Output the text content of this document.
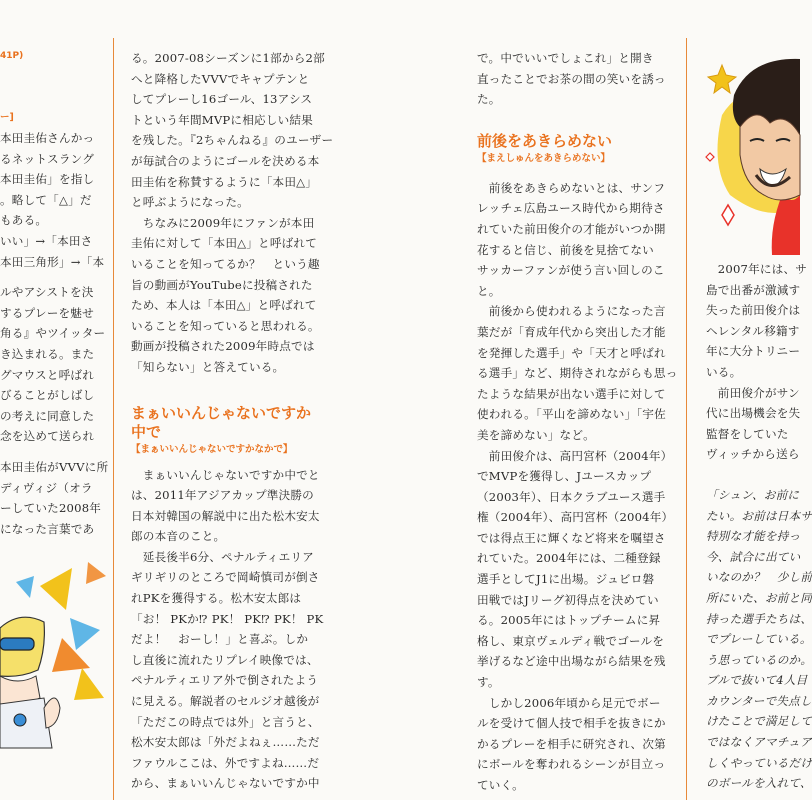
41P)
ー]
本田圭佑さんかっ
るネットスラング
本田圭佑」を指し
。略して「△」だ
もある。
いい」→「本田さ
本田三角形」→「本
ルやアシストを決
するプレーを魅せ
角る』やツイッター
き込まれる。また
グマウスと呼ばれ
びることがしばし
の考えに同意した
念を込めて送られ
本田圭佑がVVVに所
ディヴィジ（オラ
ーしていた2008年
になった言葉であ
る。2007-08シーズンに1部から2部
へと降格したVVVでキャプテンと
してプレーし16ゴール、13アシス
トという年間MVPに相応しい結果
を残した。『2ちゃんねる』のユーザー
が毎試合のようにゴールを決める本
田圭佑を称賛するように「本田△」
と呼ぶようになった。
　ちなみに2009年にファンが本田
圭佑に対して「本田△」と呼ばれて
いることを知ってるか？　という趣
旨の動画がYouTubeに投稿された
ため、本人は「本田△」と呼ばれて
いることを知っていると思われる。
動画が投稿された2009年時点では
「知らない」と答えている。
まぁいいんじゃないですか
中で
【まぁいいんじゃないですかなかで】
　まぁいいんじゃないですか中でと
は、2011年アジアカップ準決勝の
日本対韓国の解説中に出た松木安太
郎の本音のこと。
　延長後半6分、ペナルティエリア
ギリギリのところで岡崎慎司が倒さ
れPKを獲得する。松木安太郎は
「お！ PKか⁉ PK！ PK⁉ PK！ PK
だよ！　おーし！」と喜ぶ。しか
し直後に流れたリプレイ映像では、
ペナルティエリア外で倒されたよう
に見える。解説者のセルジオ越後が
「ただこの時点では外」と言うと、
松木安太郎は「外だよねぇ……ただ
ファウルここは、外ですよね……だ
から、まぁいいんじゃないですか中
で。中でいいでしょこれ」と開き
直ったことでお茶の間の笑いを誘っ
た。
前後をあきらめない
【まえしゅんをあきらめない】
　前後をあきらめないとは、サンフ
レッチェ広島ユース時代から期待さ
れていた前田俊介の才能がいつか開
花すると信じ、前後を見捨てない
サッカーファンが使う言い回しのこ
と。
　前後から使われるようになった言
葉だが「育成年代から突出した才能
を発揮した選手」や「天才と呼ばれ
る選手」など、期待されながらも思っ
たような結果が出ない選手に対して
使われる。「平山を諦めない」「宇佐
美を諦めない」など。
　前田俊介は、高円宮杯（2004年）
でMVPを獲得し、Jユースカップ
（2003年）、日本クラブユース選手
権（2004年）、高円宮杯（2004年）
では得点王に輝くなど将来を嘱望さ
れていた。2004年には、二種登録
選手としてJ1に出場。ジュビロ磐
田戦ではJリーグ初得点を決めてい
る。2005年にはトップチームに昇
格し、東京ヴェルディ戦でゴールを
挙げるなど途中出場ながら結果を残
す。
　しかし2006年頃から足元でボー
ルを受けて個人技で相手を抜きにか
かるプレーを相手に研究され、次第
にボールを奪われるシーンが目立っ
ていく。
　2007年には、サ
島で出番が激減す
失った前田俊介は
ヘレンタル移籍す
年に大分トリニー
いる。
　前田俊介がサン
代に出場機会を失
監督をしていた
ヴィッチから送ら
「シュン、お前に
たい。お前は日本サ
特別な才能を持っ
今、試合に出てい
いなのか？　少し前
所にいた、お前と同
持った選手たちは、
でプレーしている。
う思っているのか。
ブルで抜いて4人目
カウンターで失点し
けたことで満足して
ではなくアマチュア
しくやっているだけ
のボールを入れて、
